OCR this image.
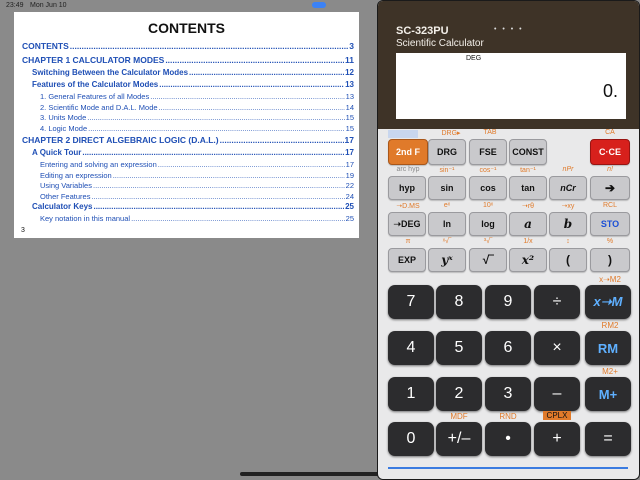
23:49 Mon Jun 10
CONTENTS
CONTENTS .....	3
CHAPTER 1 CALCULATOR MODES .....	11
Switching Between the Calculator Modes .....	12
Features of the Calculator Modes .....	13
1. General Features of all Modes .....	13
2. Scientific Mode and D.A.L. Mode .....	14
3. Units Mode .....	15
4. Logic Mode .....	15
CHAPTER 2 DIRECT ALGEBRAIC LOGIC (D.A.L.) .....	17
A Quick Tour .....	17
Entering and solving an expression .....	17
Editing an expression .....	19
Using Variables .....	22
Other Features .....	24
Calculator Keys .....	25
Key notation in this manual .....	25
3
SC-323PU	• • • •
Scientific Calculator
DEG
0.
DRG▸	TAB	CA
2nd F	DRG	FSE	CONST	C·CE
arc hyp	sin⁻¹	cos⁻¹	tan⁻¹	nPr	n!
hyp	sin	cos	tan	nCr	➔
➝D.MS	eˣ	10ˣ	➝rθ	➝xy	RCL
➝DEG	ln	log	a	b	STO
π	ˣ√‾	³√‾	1/x	↕	%
EXP	yˣ	√‾	x²	(	)
x➝M2
7	8	9	÷	x➝M
RM2
4	5	6	×	RM
M2+
1	2	3	–	M+
MDF	RND	CPLX
0	+/–	•	+	=
